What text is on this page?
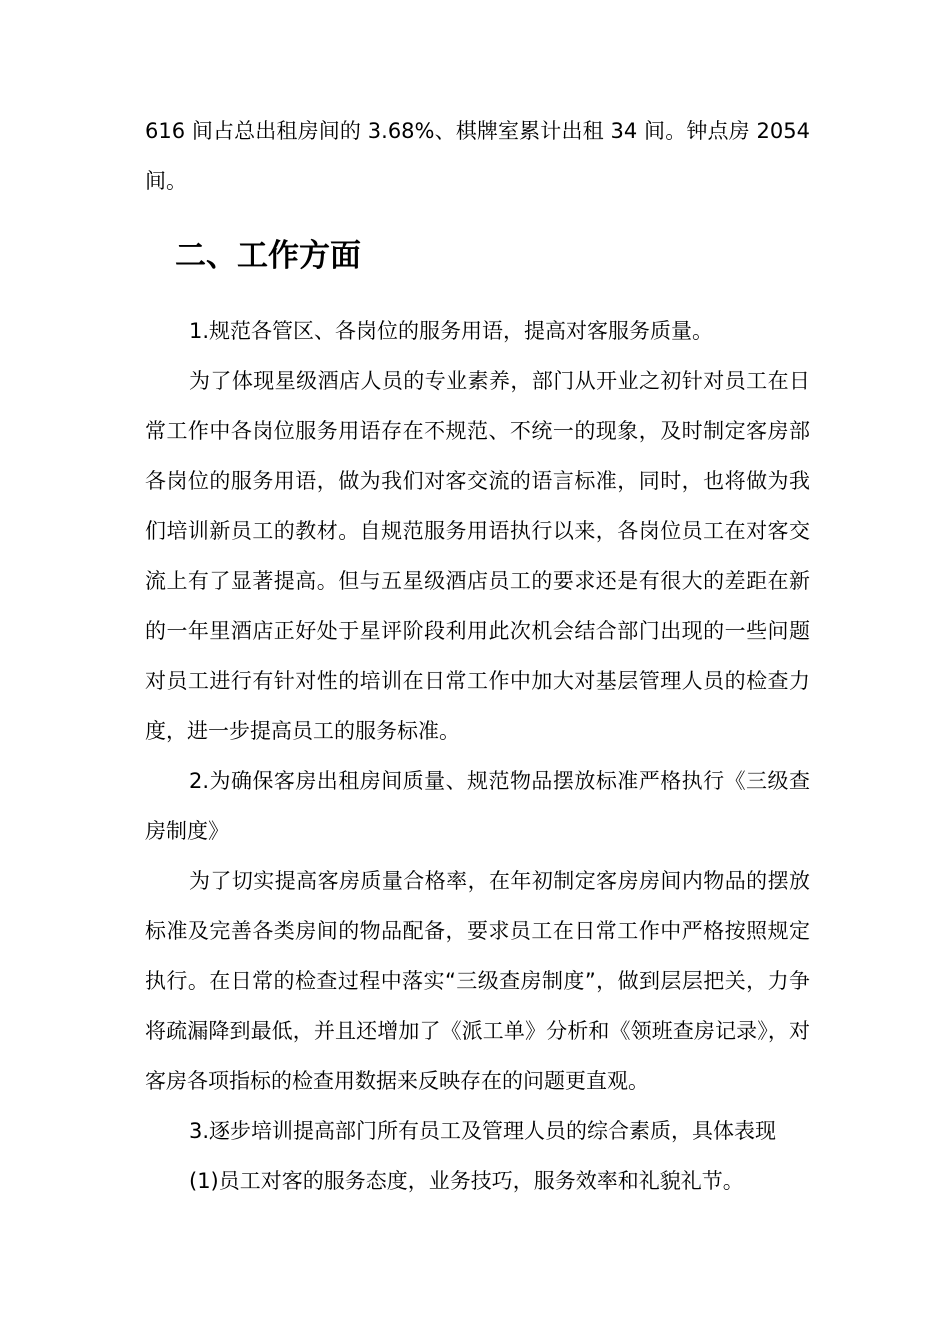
616 间占总出租房间的 3.68%、棋牌室累计出租 34 间。钟点房 2054 间。

二、工作方面

1.规范各管区、各岗位的服务用语，提高对客服务质量。

为了体现星级酒店人员的专业素养，部门从开业之初针对员工在日常工作中各岗位服务用语存在不规范、不统一的现象，及时制定客房部各岗位的服务用语，做为我们对客交流的语言标准，同时，也将做为我们培训新员工的教材。自规范服务用语执行以来，各岗位员工在对客交流上有了显著提高。但与五星级酒店员工的要求还是有很大的差距在新的一年里酒店正好处于星评阶段利用此次机会结合部门出现的一些问题对员工进行有针对性的培训在日常工作中加大对基层管理人员的检查力度，进一步提高员工的服务标准。

2.为确保客房出租房间质量、规范物品摆放标准严格执行《三级查房制度》

为了切实提高客房质量合格率，在年初制定客房房间内物品的摆放标准及完善各类房间的物品配备，要求员工在日常工作中严格按照规定执行。在日常的检查过程中落实“三级查房制度”，做到层层把关，力争将疏漏降到最低，并且还增加了《派工单》分析和《领班查房记录》，对客房各项指标的检查用数据来反映存在的问题更直观。

3.逐步培训提高部门所有员工及管理人员的综合素质，具体表现

(1)员工对客的服务态度，业务技巧，服务效率和礼貌礼节。
